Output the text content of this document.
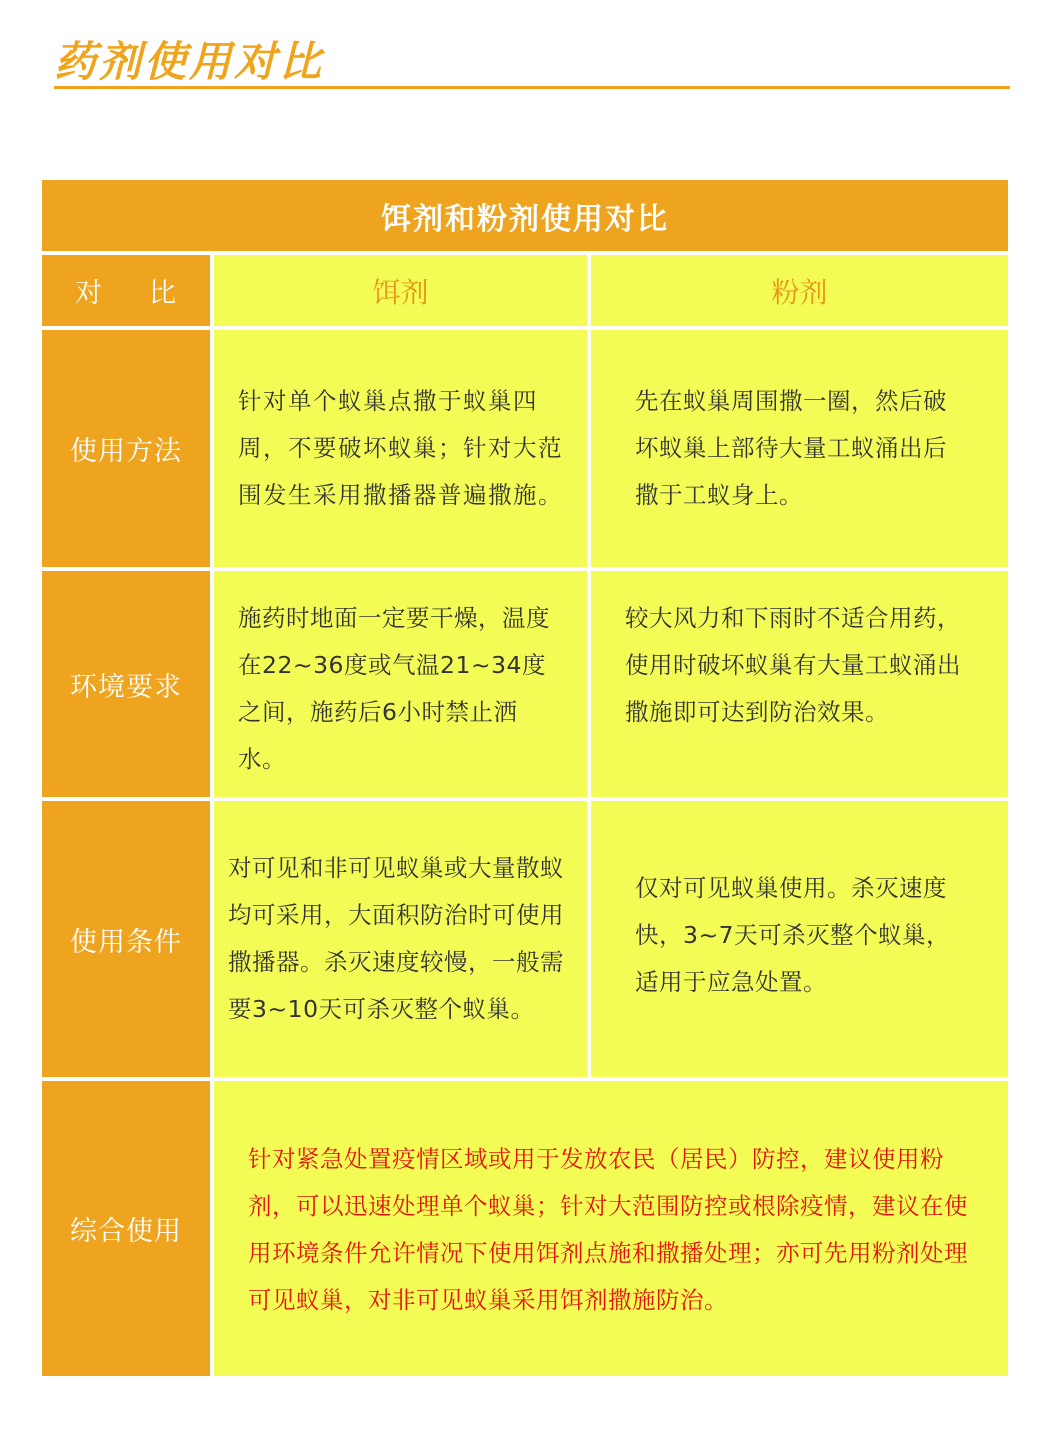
药剂使用对比
饵剂和粉剂使用对比
对 比	饵剂	粉剂
使用方法
针对单个蚁巢点撒于蚁巢四周，不要破坏蚁巢；针对大范围发生采用撒播器普遍撒施。
先在蚁巢周围撒一圈，然后破坏蚁巢上部待大量工蚁涌出后撒于工蚁身上。
环境要求
施药时地面一定要干燥，温度在22~36度或气温21~34度之间，施药后6小时禁止洒水。
较大风力和下雨时不适合用药，使用时破坏蚁巢有大量工蚁涌出撒施即可达到防治效果。
使用条件
对可见和非可见蚁巢或大量散蚁均可采用，大面积防治时可使用撒播器。杀灭速度较慢，一般需要3~10天可杀灭整个蚁巢。
仅对可见蚁巢使用。杀灭速度快，3~7天可杀灭整个蚁巢，适用于应急处置。
综合使用
针对紧急处置疫情区域或用于发放农民（居民）防控，建议使用粉剂，可以迅速处理单个蚁巢；针对大范围防控或根除疫情，建议在使用环境条件允许情况下使用饵剂点施和撒播处理；亦可先用粉剂处理可见蚁巢，对非可见蚁巢采用饵剂撒施防治。
